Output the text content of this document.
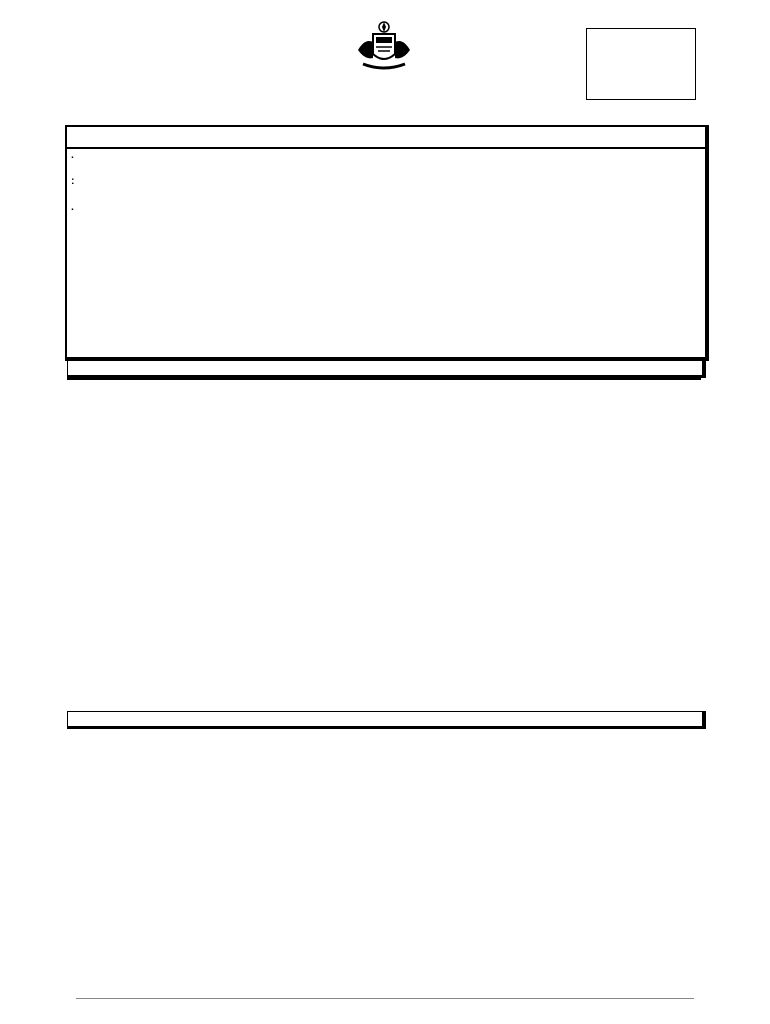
.

:

.
